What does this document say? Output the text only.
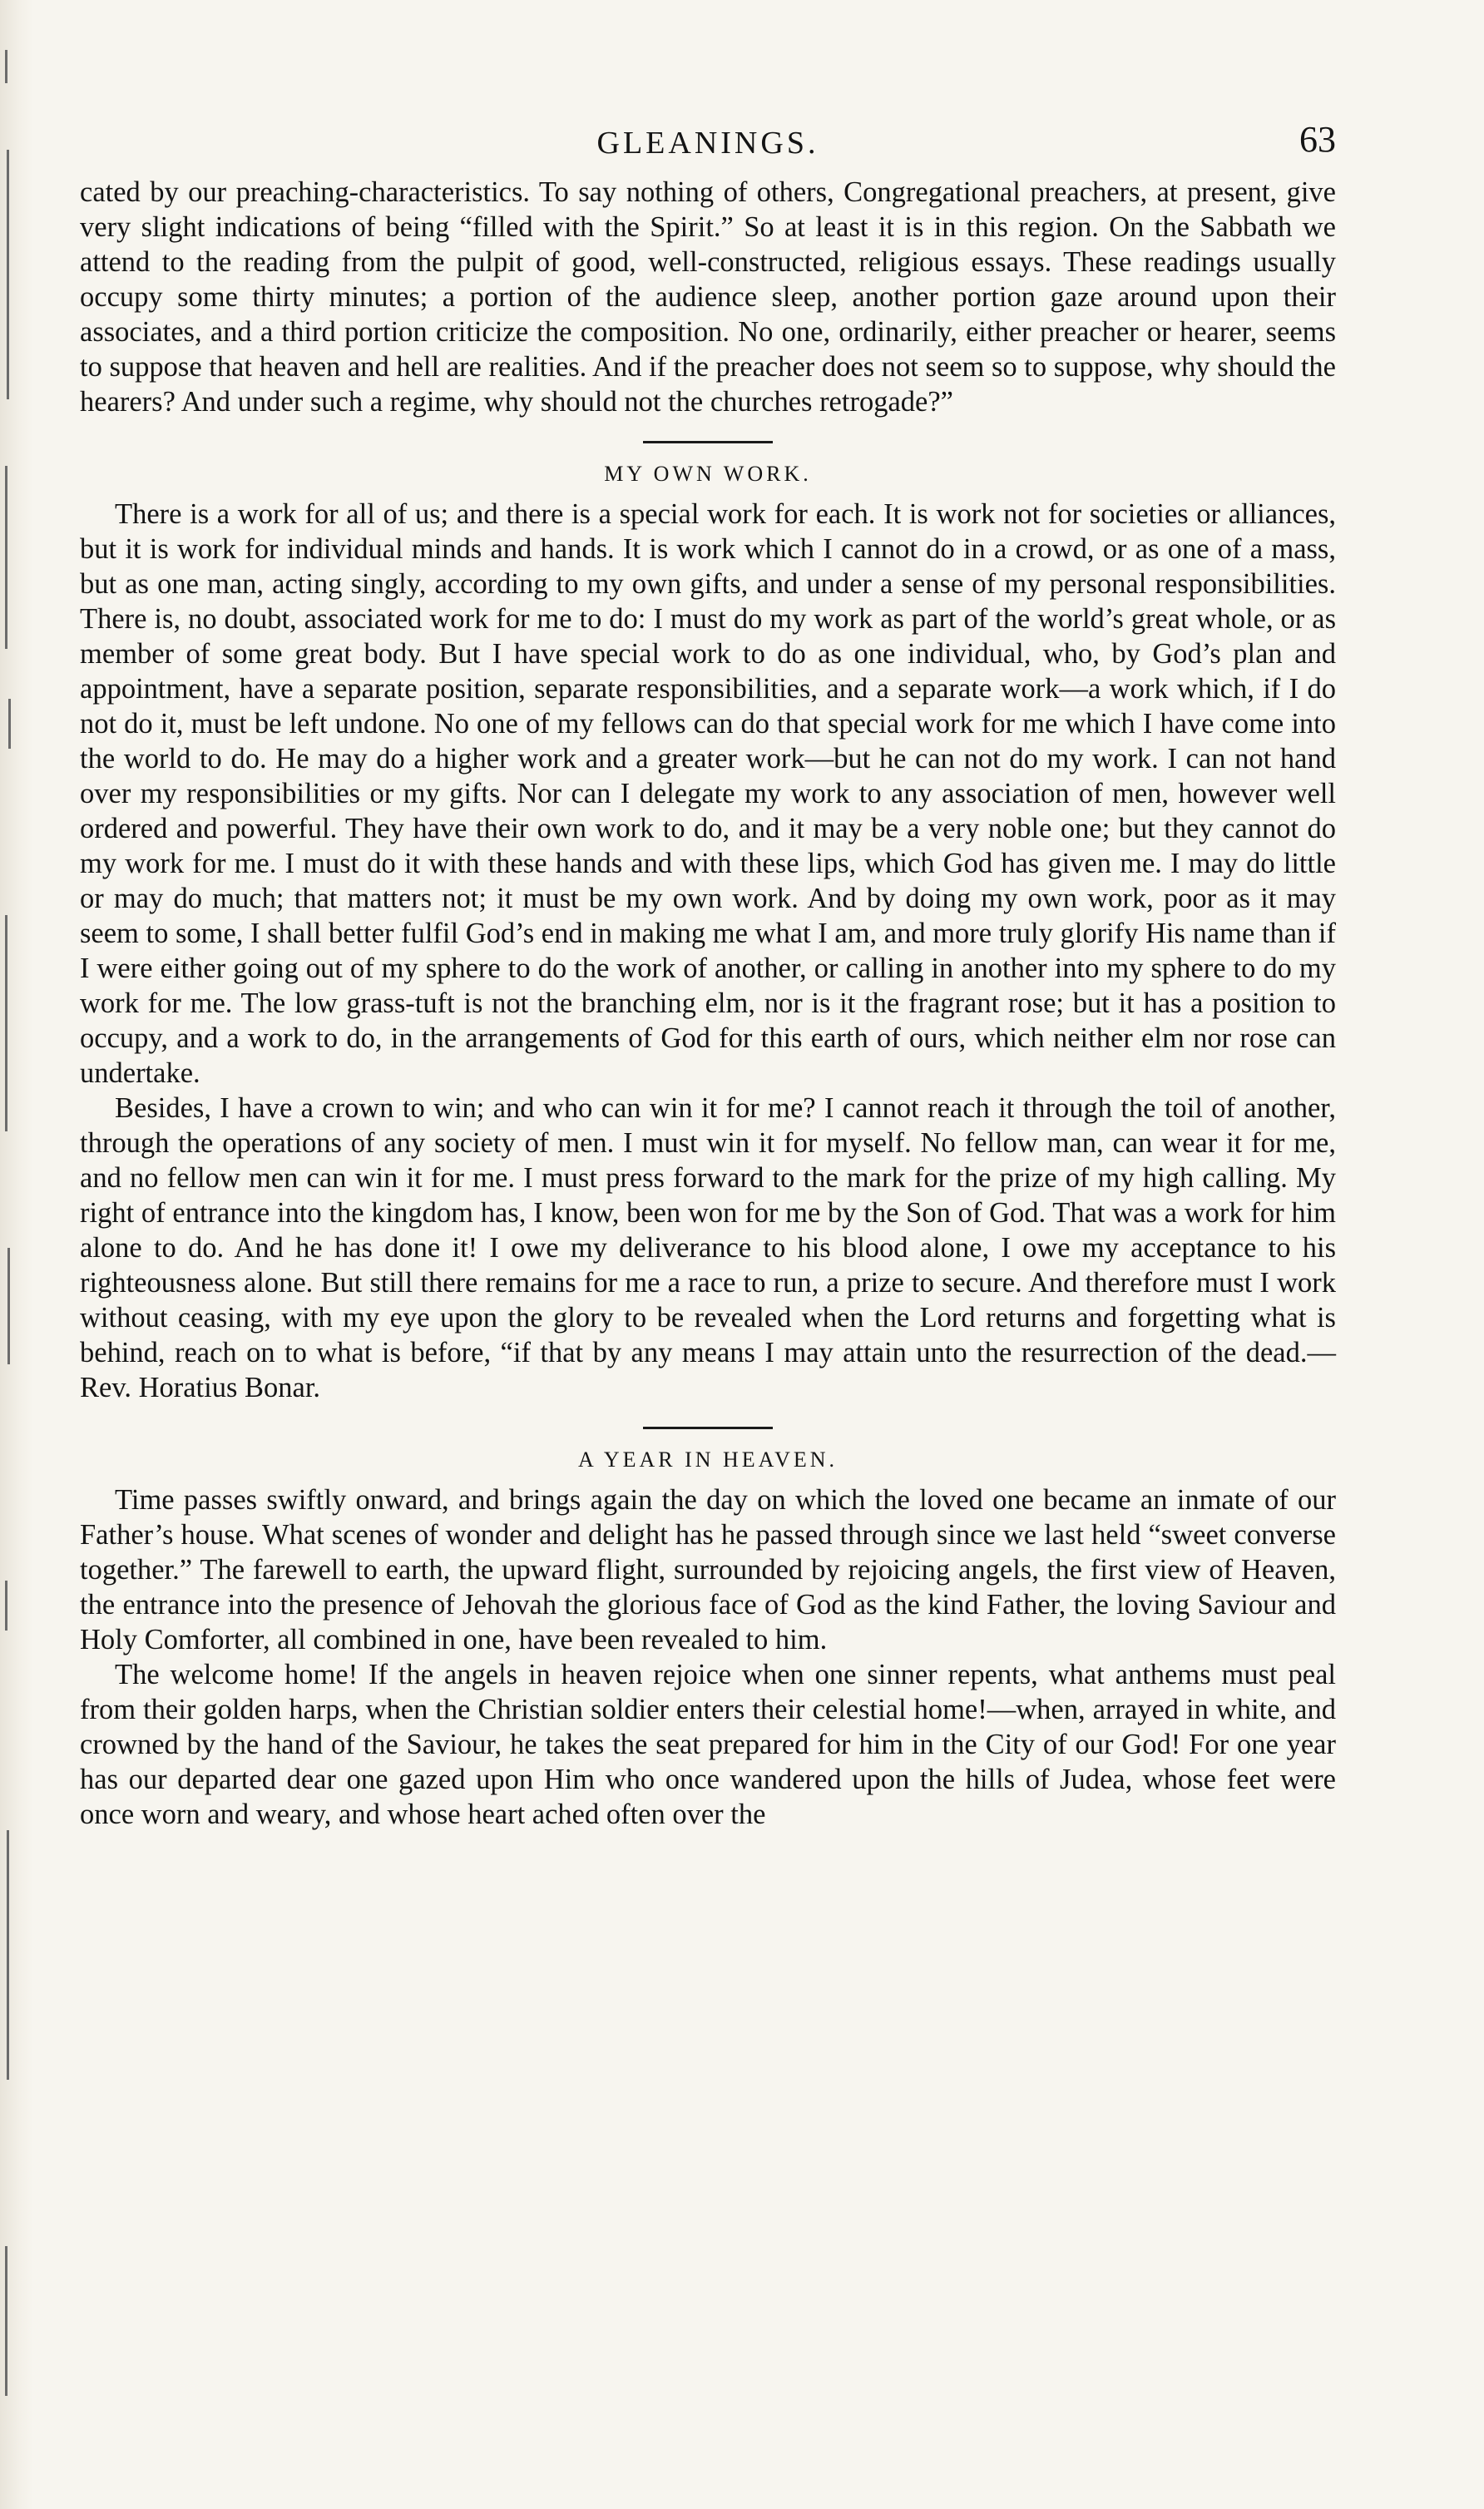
GLEANINGS.	63

cated by our preaching-characteristics. To say nothing of others, Congregational preachers, at present, give very slight indications of being “filled with the Spirit.” So at least it is in this region. On the Sabbath we attend to the reading from the pulpit of good, well-constructed, religious essays. These readings usually occupy some thirty minutes; a portion of the audience sleep, another portion gaze around upon their associates, and a third portion criticize the composition. No one, ordinarily, either preacher or hearer, seems to suppose that heaven and hell are realities. And if the preacher does not seem so to suppose, why should the hearers? And under such a regime, why should not the churches retrogade?”

MY OWN WORK.

There is a work for all of us; and there is a special work for each. It is work not for societies or alliances, but it is work for individual minds and hands. It is work which I cannot do in a crowd, or as one of a mass, but as one man, acting singly, according to my own gifts, and under a sense of my personal responsibilities. There is, no doubt, associated work for me to do: I must do my work as part of the world’s great whole, or as member of some great body. But I have special work to do as one individual, who, by God’s plan and appointment, have a separate position, separate responsibilities, and a separate work—a work which, if I do not do it, must be left undone. No one of my fellows can do that special work for me which I have come into the world to do. He may do a higher work and a greater work—but he can not do my work. I can not hand over my responsibilities or my gifts. Nor can I delegate my work to any association of men, however well ordered and powerful. They have their own work to do, and it may be a very noble one; but they cannot do my work for me. I must do it with these hands and with these lips, which God has given me. I may do little or may do much; that matters not; it must be my own work. And by doing my own work, poor as it may seem to some, I shall better fulfil God’s end in making me what I am, and more truly glorify His name than if I were either going out of my sphere to do the work of another, or calling in another into my sphere to do my work for me. The low grass-tuft is not the branching elm, nor is it the fragrant rose; but it has a position to occupy, and a work to do, in the arrangements of God for this earth of ours, which neither elm nor rose can undertake.

Besides, I have a crown to win; and who can win it for me? I cannot reach it through the toil of another, through the operations of any society of men. I must win it for myself. No fellow man, can wear it for me, and no fellow men can win it for me. I must press forward to the mark for the prize of my high calling. My right of entrance into the kingdom has, I know, been won for me by the Son of God. That was a work for him alone to do. And he has done it! I owe my deliverance to his blood alone, I owe my acceptance to his righteousness alone. But still there remains for me a race to run, a prize to secure. And therefore must I work without ceasing, with my eye upon the glory to be revealed when the Lord returns and forgetting what is behind, reach on to what is before, “if that by any means I may attain unto the resurrection of the dead.—Rev. Horatius Bonar.

A YEAR IN HEAVEN.

Time passes swiftly onward, and brings again the day on which the loved one became an inmate of our Father’s house. What scenes of wonder and delight has he passed through since we last held “sweet converse together.” The farewell to earth, the upward flight, surrounded by rejoicing angels, the first view of Heaven, the entrance into the presence of Jehovah the glorious face of God as the kind Father, the loving Saviour and Holy Comforter, all combined in one, have been revealed to him.

The welcome home! If the angels in heaven rejoice when one sinner repents, what anthems must peal from their golden harps, when the Christian soldier enters their celestial home!—when, arrayed in white, and crowned by the hand of the Saviour, he takes the seat prepared for him in the City of our God! For one year has our departed dear one gazed upon Him who once wandered upon the hills of Judea, whose feet were once worn and weary, and whose heart ached often over the
